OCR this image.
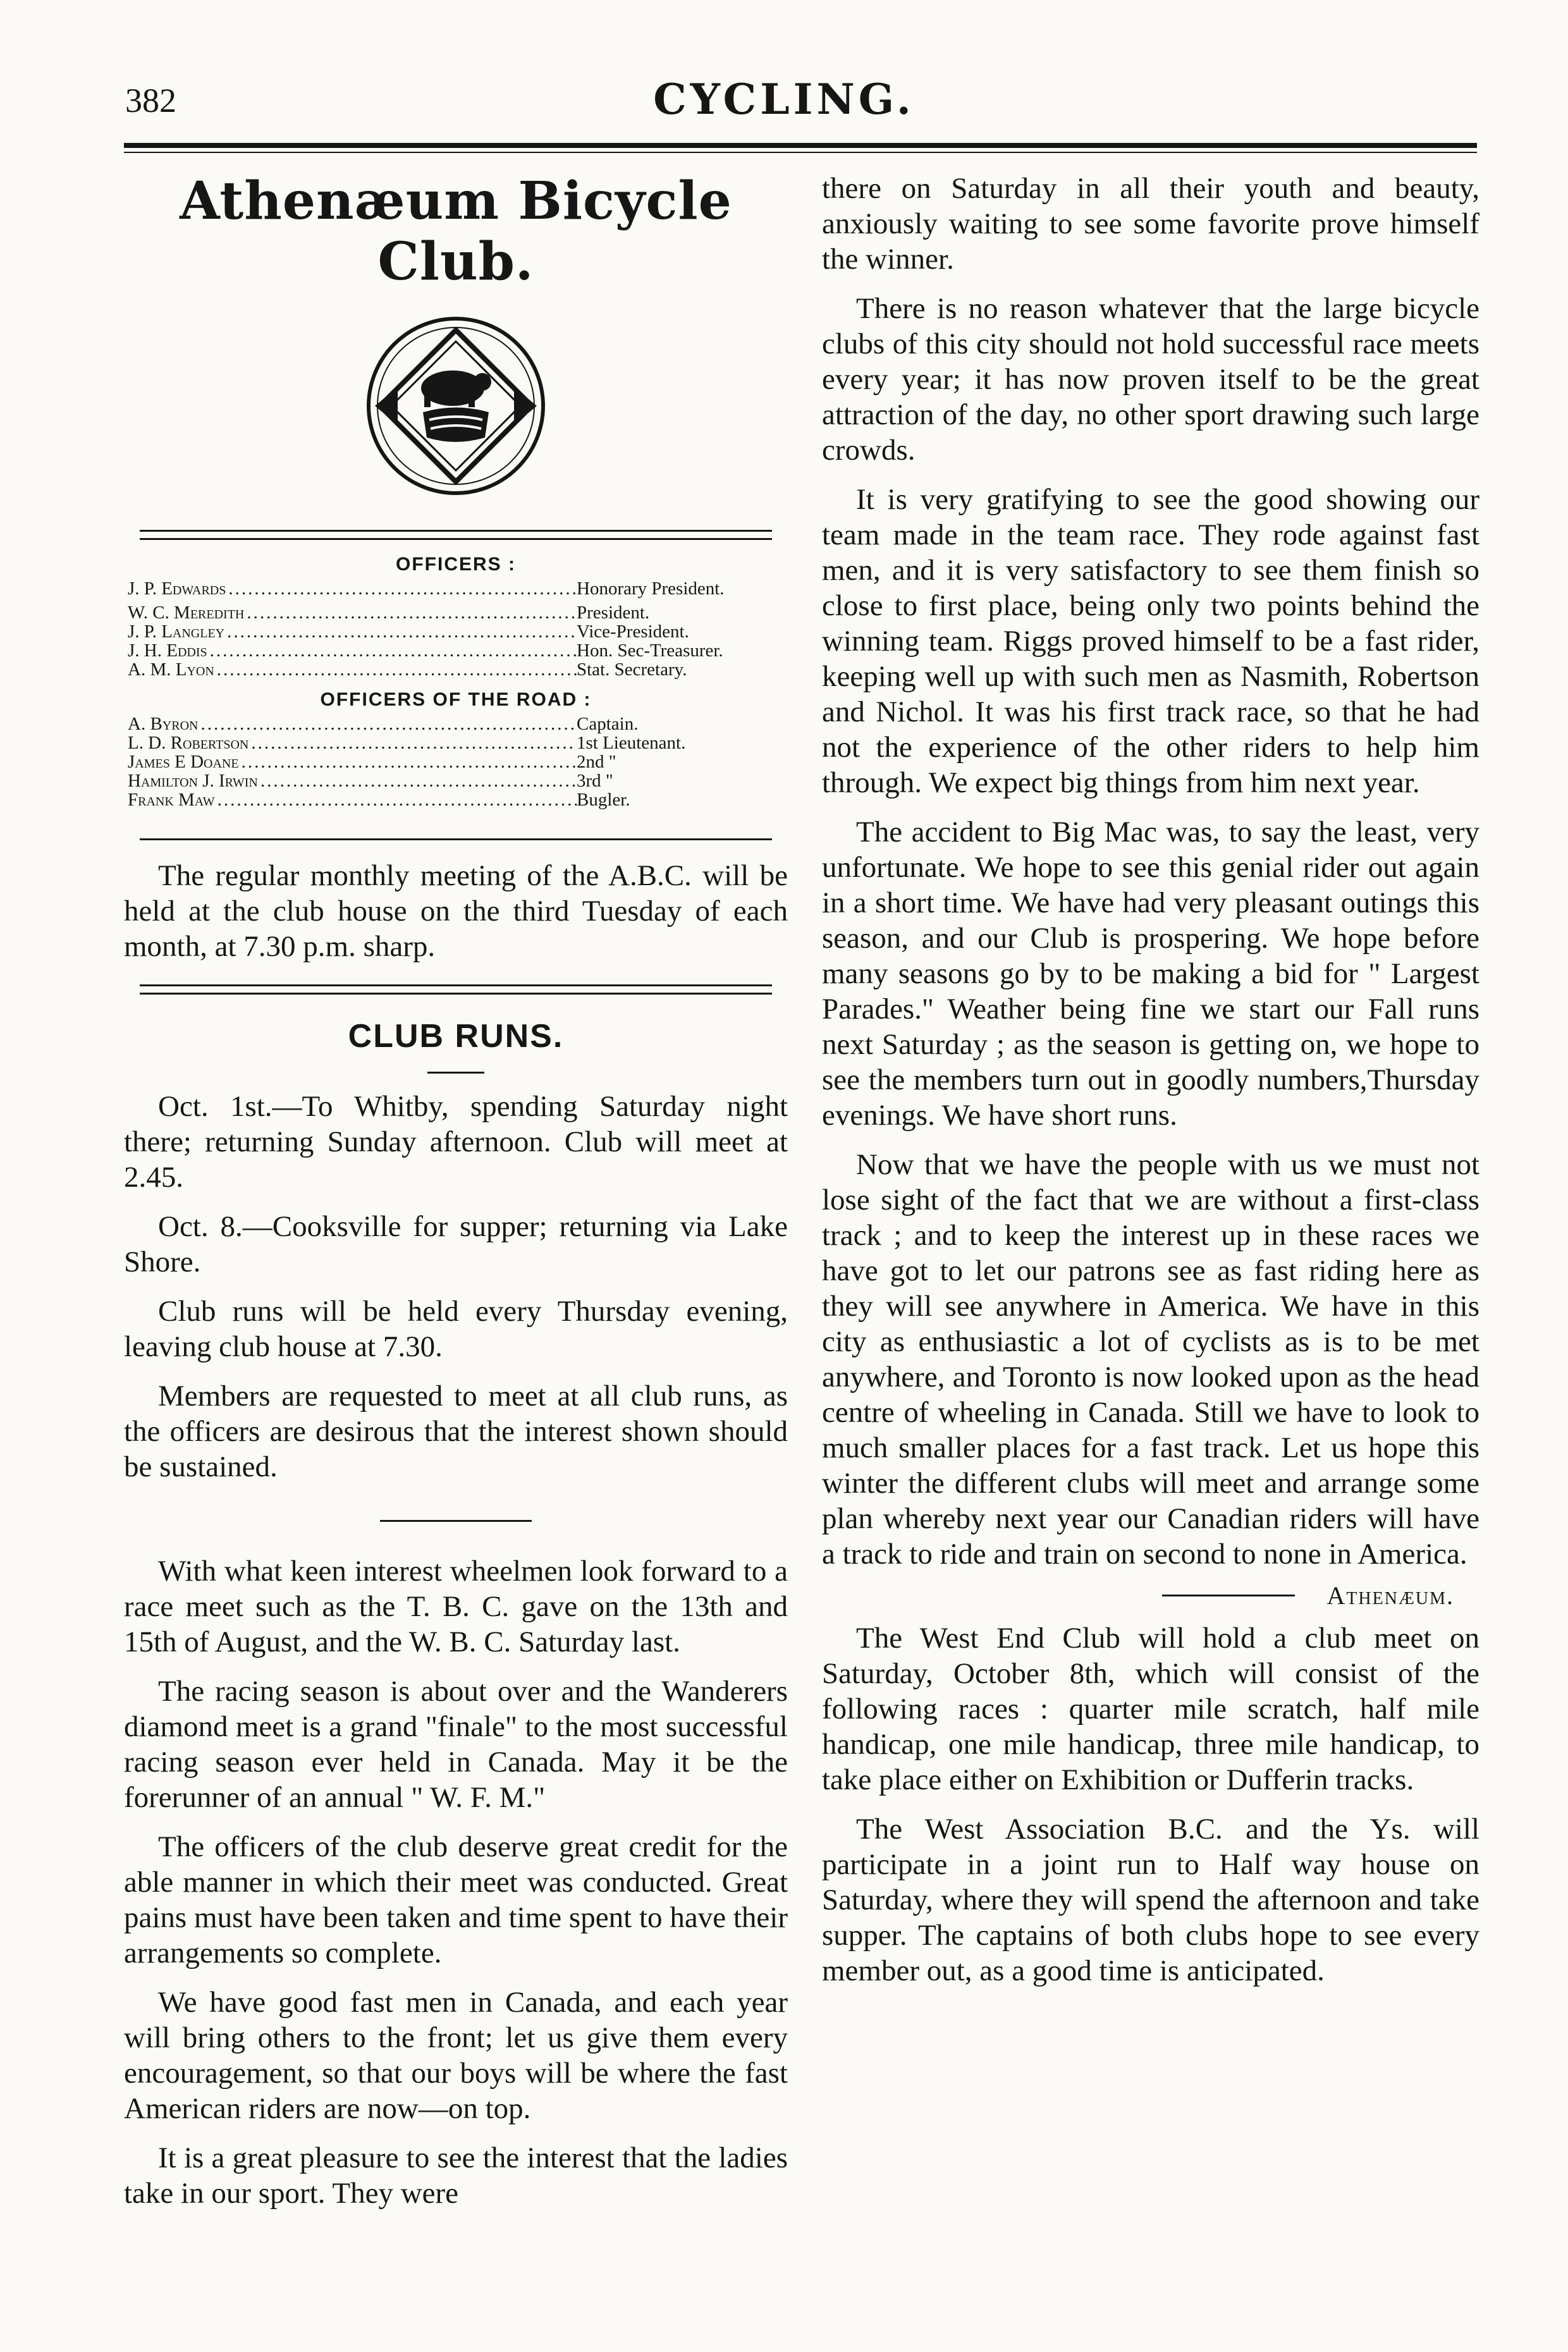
382	CYCLING.
Athenæum Bicycle Club.
OFFICERS :
J. P. Edwards .....	Honorary President.
W. C. Meredith .....	President.
J. P. Langley .....	Vice-President.
J. H. Eddis .....	Hon. Sec-Treasurer.
A. M. Lyon .....	Stat. Secretary.
OFFICERS OF THE ROAD :
A. Byron .....	Captain.
L. D. Robertson .....	1st Lieutenant.
James E Doane .....	2nd "
Hamilton J. Irwin .....	3rd "
Frank Maw .....	Bugler.

The regular monthly meeting of the A.B.C. will be held at the club house on the third Tuesday of each month, at 7.30 p.m. sharp.

CLUB RUNS.

Oct. 1st.—To Whitby, spending Saturday night there; returning Sunday afternoon. Club will meet at 2.45.

Oct. 8.—Cooksville for supper; returning via Lake Shore.

Club runs will be held every Thursday evening, leaving club house at 7.30.

Members are requested to meet at all club runs, as the officers are desirous that the interest shown should be sustained.

With what keen interest wheelmen look forward to a race meet such as the T. B. C. gave on the 13th and 15th of August, and the W. B. C. Saturday last.

The racing season is about over and the Wanderers diamond meet is a grand "finale" to the most successful racing season ever held in Canada. May it be the forerunner of an annual " W. F. M."

The officers of the club deserve great credit for the able manner in which their meet was conducted. Great pains must have been taken and time spent to have their arrangements so complete.

We have good fast men in Canada, and each year will bring others to the front; let us give them every encouragement, so that our boys will be where the fast American riders are now—on top.

It is a great pleasure to see the interest that the ladies take in our sport. They were

there on Saturday in all their youth and beauty, anxiously waiting to see some favorite prove himself the winner.

There is no reason whatever that the large bicycle clubs of this city should not hold successful race meets every year; it has now proven itself to be the great attraction of the day, no other sport drawing such large crowds.

It is very gratifying to see the good showing our team made in the team race. They rode against fast men, and it is very satisfactory to see them finish so close to first place, being only two points behind the winning team. Riggs proved himself to be a fast rider, keeping well up with such men as Nasmith, Robertson and Nichol. It was his first track race, so that he had not the experience of the other riders to help him through. We expect big things from him next year.

The accident to Big Mac was, to say the least, very unfortunate. We hope to see this genial rider out again in a short time. We have had very pleasant outings this season, and our Club is prospering. We hope before many seasons go by to be making a bid for " Largest Parades." Weather being fine we start our Fall runs next Saturday ; as the season is getting on, we hope to see the members turn out in goodly numbers,Thursday evenings. We have short runs.

Now that we have the people with us we must not lose sight of the fact that we are without a first-class track ; and to keep the interest up in these races we have got to let our patrons see as fast riding here as they will see anywhere in America. We have in this city as enthusiastic a lot of cyclists as is to be met anywhere, and Toronto is now looked upon as the head centre of wheeling in Canada. Still we have to look to much smaller places for a fast track. Let us hope this winter the different clubs will meet and arrange some plan whereby next year our Canadian riders will have a track to ride and train on second to none in America.

Athenæum.

The West End Club will hold a club meet on Saturday, October 8th, which will consist of the following races : quarter mile scratch, half mile handicap, one mile handicap, three mile handicap, to take place either on Exhibition or Dufferin tracks.

The West Association B.C. and the Ys. will participate in a joint run to Half way house on Saturday, where they will spend the afternoon and take supper. The captains of both clubs hope to see every member out, as a good time is anticipated.
